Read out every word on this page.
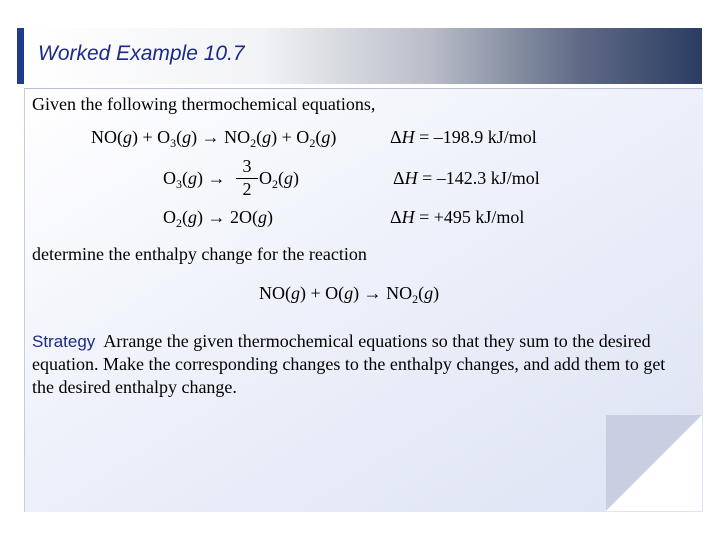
Worked Example 10.7
Given the following thermochemical equations,
$NO(g) + O_3(g) \to NO_2(g) + O_2(g)$	ΔH = –198.9 kJ/mol
$O_3(g)$ →
3
2
$O_2(g)$	ΔH = –142.3 kJ/mol
$O_2(g) \to 2O(g)$	ΔH = +495 kJ/mol
determine the enthalpy change for the reaction
$NO(g) + O(g) \to NO_2(g)$
Strategy Arrange the given thermochemical equations so that they sum to the desired equation. Make the corresponding changes to the enthalpy changes, and add them to get the desired enthalpy change.
